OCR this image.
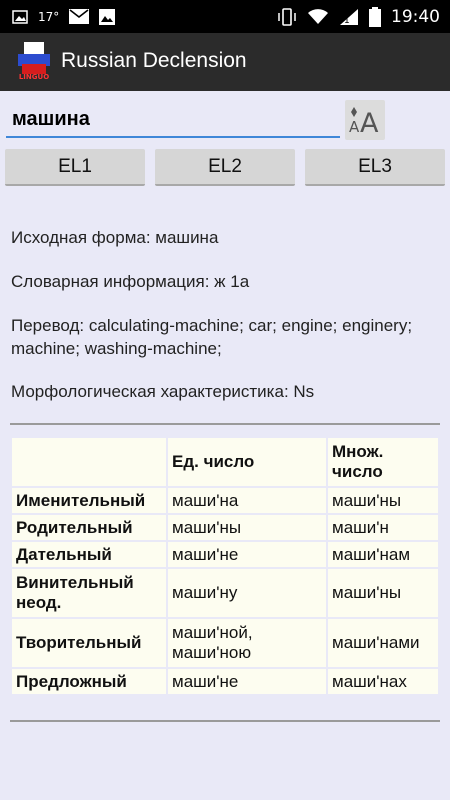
17°	1 19:40
LINGUO
Russian Declension
машина
A A
EL1	EL2	EL3
Исходная форма: машина
Словарная информация: ж 1а
Перевод: calculating-machine; car; engine; enginery; machine; washing-machine;
Морфологическая характеристика: Ns
	Ед. число	Множ. число
Именительный	маши'на	маши'ны
Родительный	маши'ны	маши'н
Дательный	маши'не	маши'нам
Винительный неод.	маши'ну	маши'ны
Творительный	маши'ной, маши'ною	маши'нами
Предложный	маши'не	маши'нах
